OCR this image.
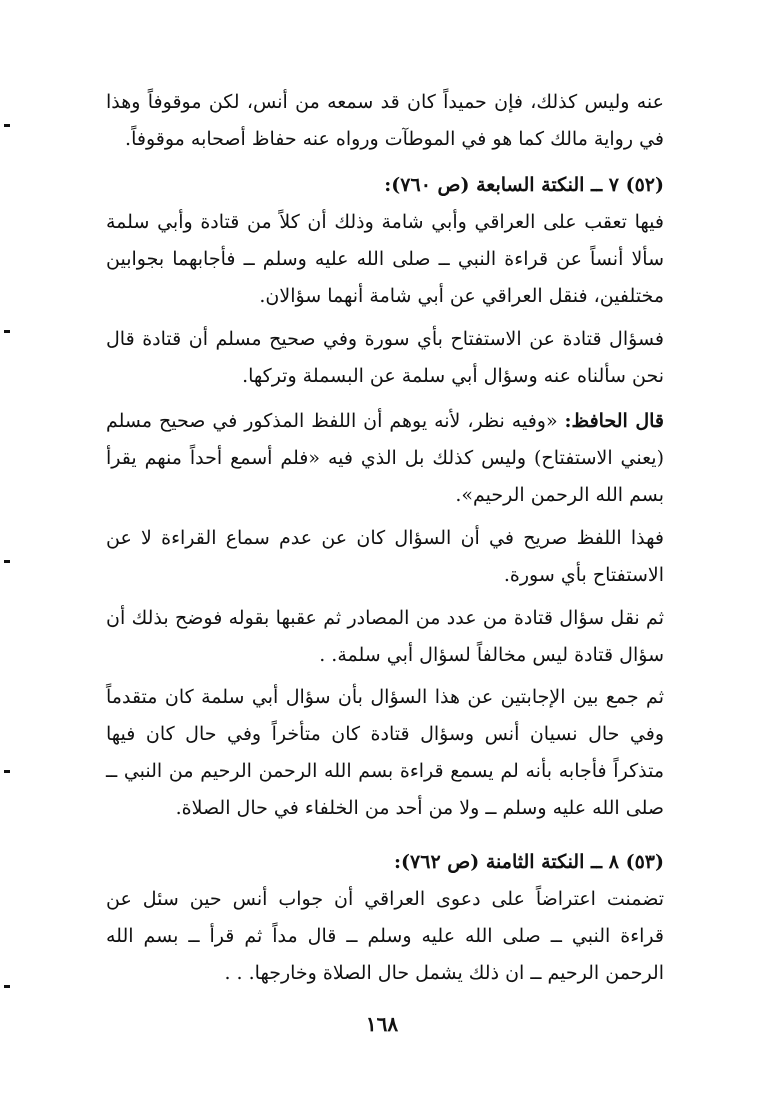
عنه وليس كذلك، فإن حميداً كان قد سمعه من أنس، لكن موقوفاً وهذا في رواية مالك كما هو في الموطآت ورواه عنه حفاظ أصحابه موقوفاً.

(٥٢) ٧ ــ النكتة السابعة (ص ٧٦٠):

فيها تعقب على العراقي وأبي شامة وذلك أن كلاً من قتادة وأبي سلمة سألا أنساً عن قراءة النبي ــ صلى الله عليه وسلم ــ فأجابهما بجوابين مختلفين، فنقل العراقي عن أبي شامة أنهما سؤالان.

فسؤال قتادة عن الاستفتاح بأي سورة وفي صحيح مسلم أن قتادة قال نحن سألناه عنه وسؤال أبي سلمة عن البسملة وتركها.

قال الحافظ: «وفيه نظر، لأنه يوهم أن اللفظ المذكور في صحيح مسلم (يعني الاستفتاح) وليس كذلك بل الذي فيه «فلم أسمع أحداً منهم يقرأ بسم الله الرحمن الرحيم».

فهذا اللفظ صريح في أن السؤال كان عن عدم سماع القراءة لا عن الاستفتاح بأي سورة.

ثم نقل سؤال قتادة من عدد من المصادر ثم عقبها بقوله فوضح بذلك أن سؤال قتادة ليس مخالفاً لسؤال أبي سلمة. .

ثم جمع بين الإجابتين عن هذا السؤال بأن سؤال أبي سلمة كان متقدماً وفي حال نسيان أنس وسؤال قتادة كان متأخراً وفي حال كان فيها متذكراً فأجابه بأنه لم يسمع قراءة بسم الله الرحمن الرحيم من النبي ــ صلى الله عليه وسلم ــ ولا من أحد من الخلفاء في حال الصلاة.

(٥٣) ٨ ــ النكتة الثامنة (ص ٧٦٢):

تضمنت اعتراضاً على دعوى العراقي أن جواب أنس حين سئل عن قراءة النبي ــ صلى الله عليه وسلم ــ قال مداً ثم قرأ ــ بسم الله الرحمن الرحيم ــ ان ذلك يشمل حال الصلاة وخارجها. . .

١٦٨
